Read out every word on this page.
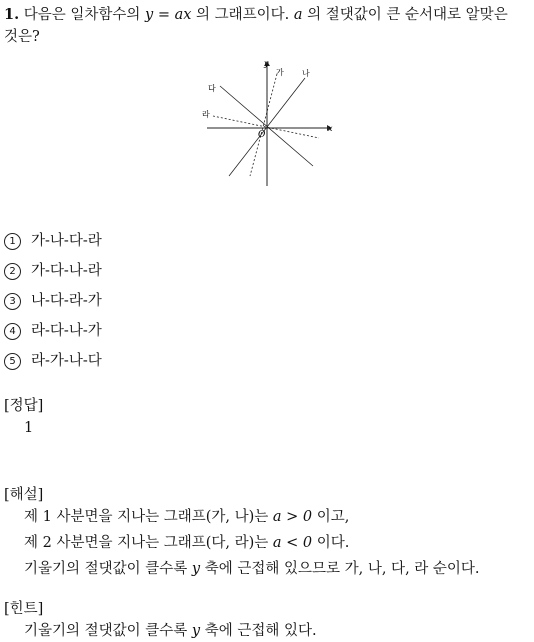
1. 다음은 일차함수의 y = ax 의 그래프이다. a 의 절댓값이 큰 순서대로 알맞은
것은?
y
x
O
가 나
다
라
1	가-나-다-라
2	가-다-나-라
3	나-다-라-가
4	라-다-나-가
5	라-가-나-다
[정답]
1
[해설]
제 1 사분면을 지나는 그래프(가, 나)는 a > 0 이고,
제 2 사분면을 지나는 그래프(다, 라)는 a < 0 이다.
기울기의 절댓값이 클수록 y 축에 근접해 있으므로 가, 나, 다, 라 순이다.
[힌트]
기울기의 절댓값이 클수록 y 축에 근접해 있다.
